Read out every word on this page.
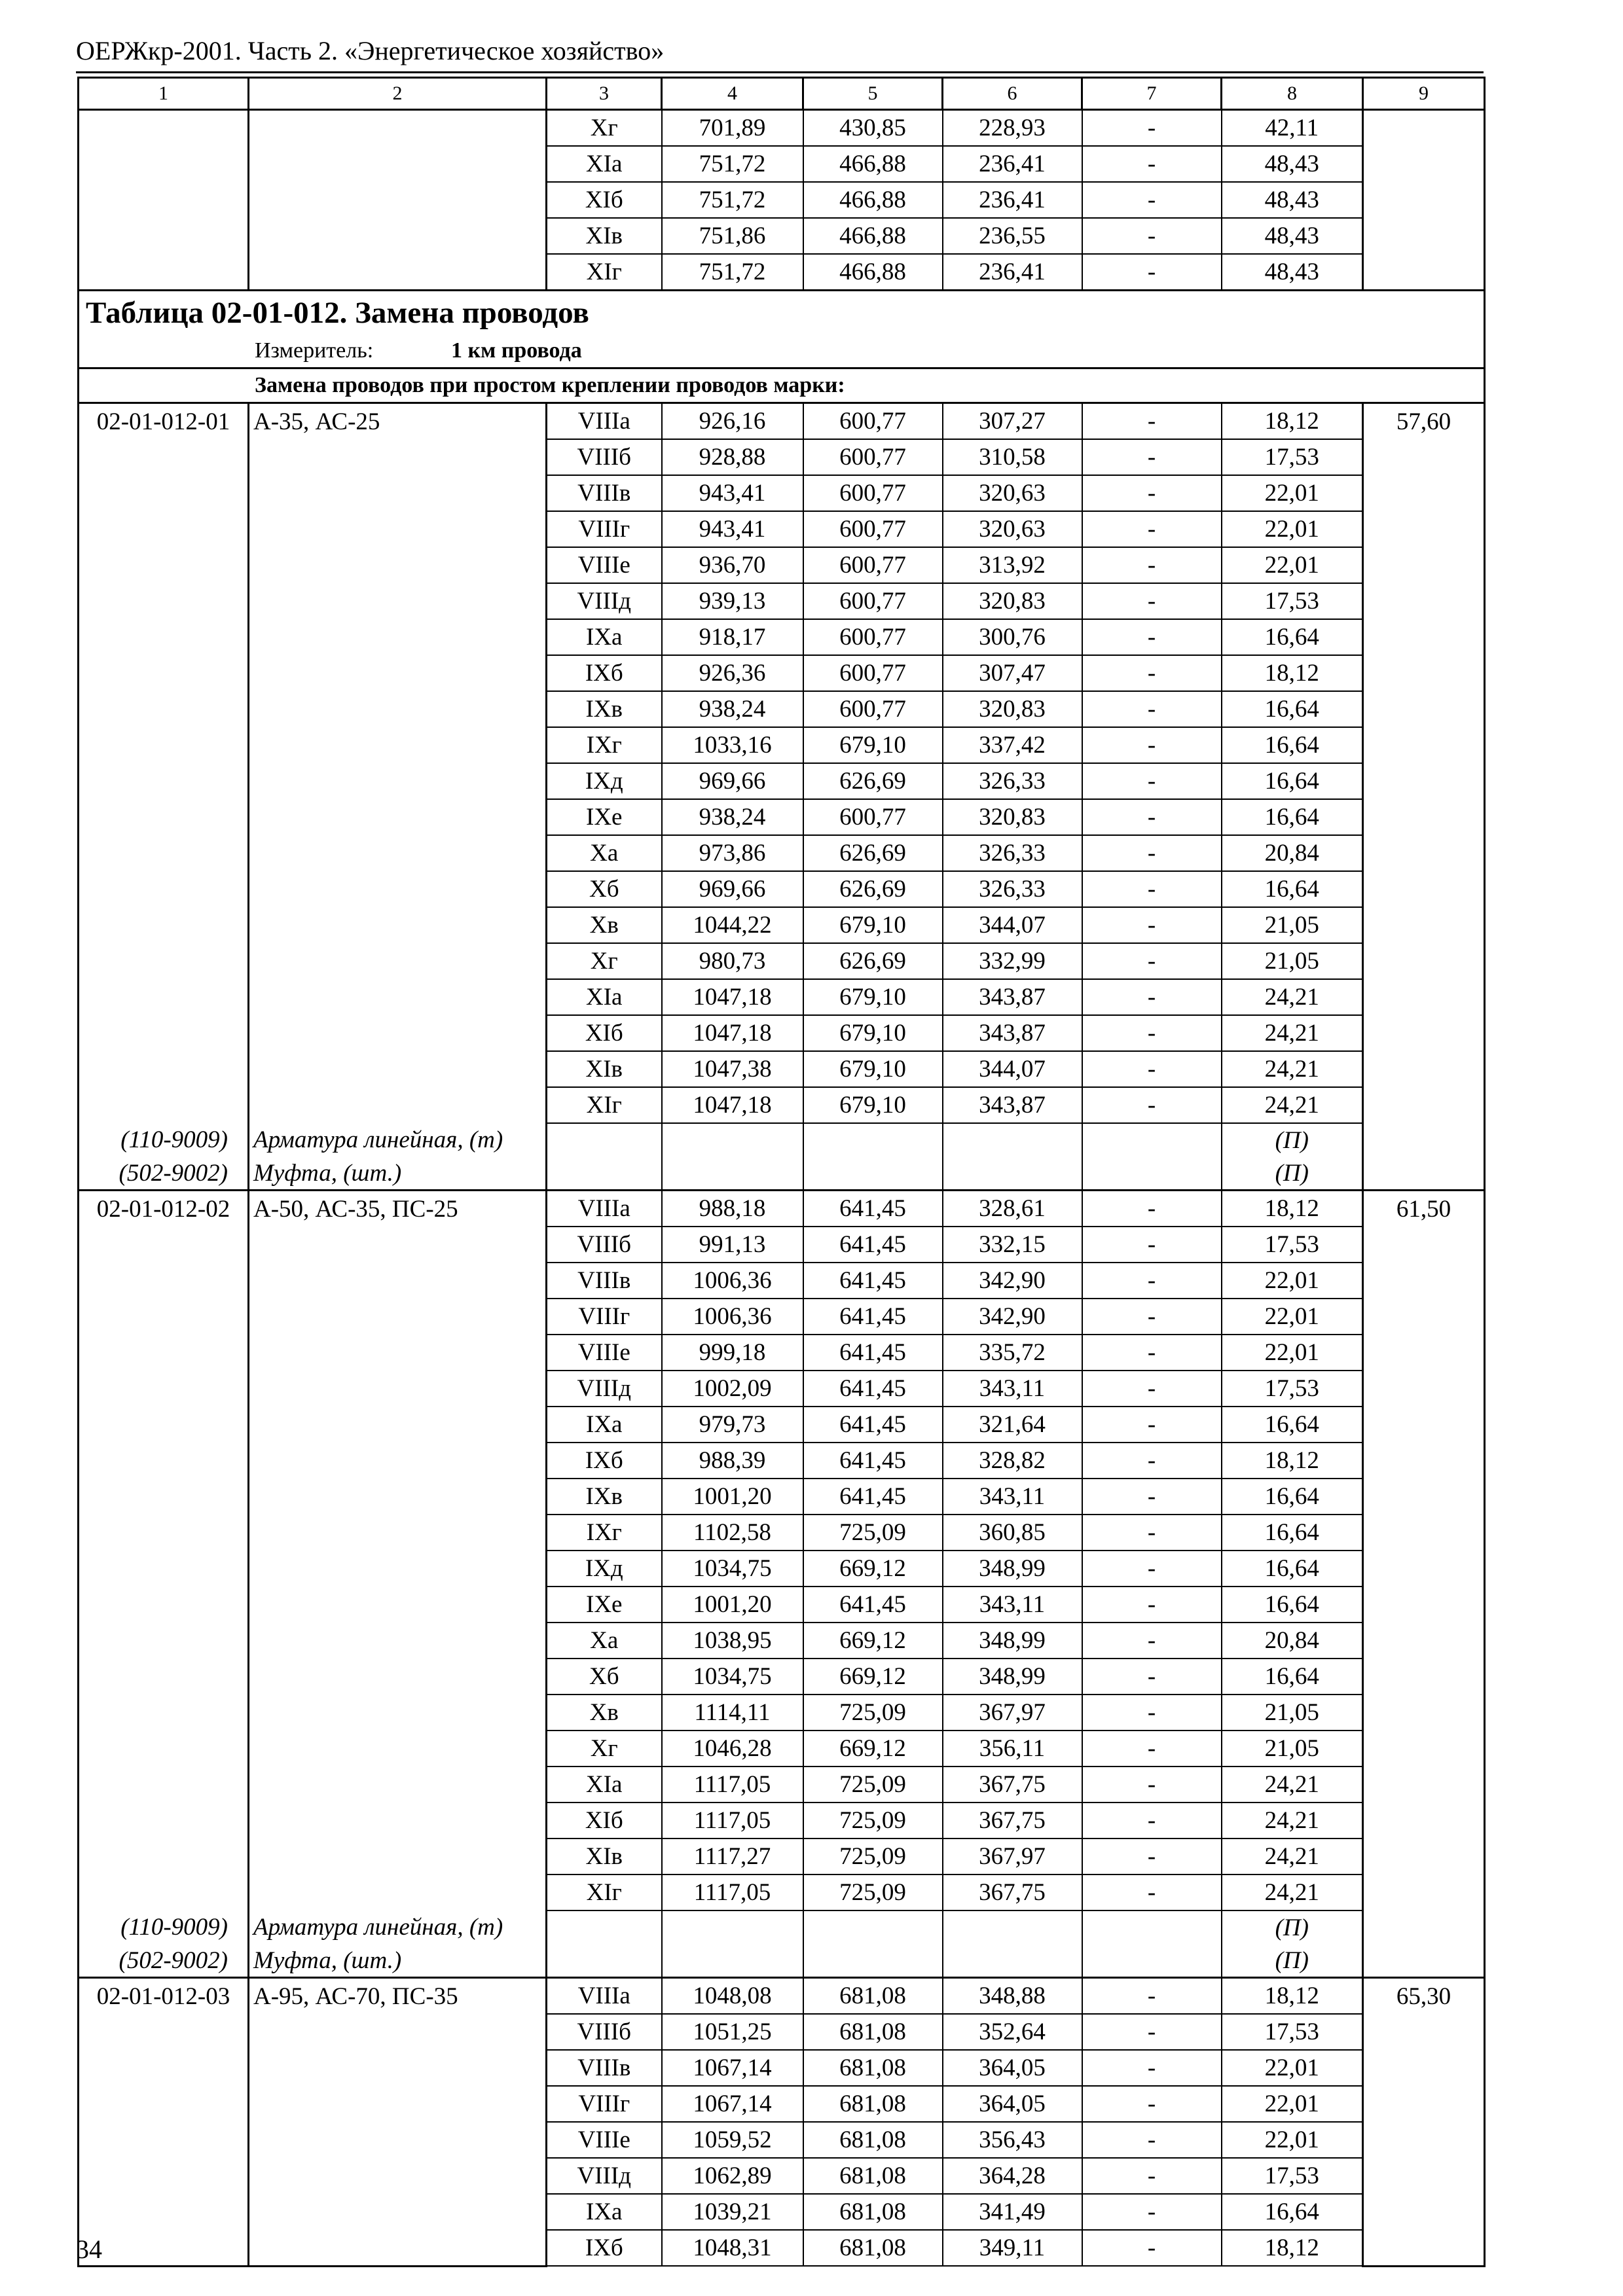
ОЕРЖкр-2001. Часть 2. «Энергетическое хозяйство»
1	2	3	4	5	6	7	8	9
		Xг	701,89	430,85	228,93	-	42,11	
		XIа	751,72	466,88	236,41	-	48,43	
		XIб	751,72	466,88	236,41	-	48,43	
		XIв	751,86	466,88	236,55	-	48,43	
		XIг	751,72	466,88	236,41	-	48,43	
Таблица 02-01-012. Замена проводов								
Измеритель: 1 км провода								
Замена проводов при простом креплении проводов марки:								
02-01-012-01	А-35, АС-25	VIIIа	926,16	600,77	307,27	-	18,12	57,60
		VIIIб	928,88	600,77	310,58	-	17,53	
		VIIIв	943,41	600,77	320,63	-	22,01	
		VIIIг	943,41	600,77	320,63	-	22,01	
		VIIIе	936,70	600,77	313,92	-	22,01	
		VIIIд	939,13	600,77	320,83	-	17,53	
		IXа	918,17	600,77	300,76	-	16,64	
		IXб	926,36	600,77	307,47	-	18,12	
		IXв	938,24	600,77	320,83	-	16,64	
		IXг	1033,16	679,10	337,42	-	16,64	
		IXд	969,66	626,69	326,33	-	16,64	
		IXе	938,24	600,77	320,83	-	16,64	
		Xа	973,86	626,69	326,33	-	20,84	
		Xб	969,66	626,69	326,33	-	16,64	
		Xв	1044,22	679,10	344,07	-	21,05	
		Xг	980,73	626,69	332,99	-	21,05	
		XIа	1047,18	679,10	343,87	-	24,21	
		XIб	1047,18	679,10	343,87	-	24,21	
		XIв	1047,38	679,10	344,07	-	24,21	
		XIг	1047,18	679,10	343,87	-	24,21	
(110-9009)	Арматура линейная, (т)						(П)	
(502-9002)	Муфта, (шт.)						(П)	
02-01-012-02	А-50, АС-35, ПС-25	VIIIа	988,18	641,45	328,61	-	18,12	61,50
		VIIIб	991,13	641,45	332,15	-	17,53	
		VIIIв	1006,36	641,45	342,90	-	22,01	
		VIIIг	1006,36	641,45	342,90	-	22,01	
		VIIIе	999,18	641,45	335,72	-	22,01	
		VIIIд	1002,09	641,45	343,11	-	17,53	
		IXа	979,73	641,45	321,64	-	16,64	
		IXб	988,39	641,45	328,82	-	18,12	
		IXв	1001,20	641,45	343,11	-	16,64	
		IXг	1102,58	725,09	360,85	-	16,64	
		IXд	1034,75	669,12	348,99	-	16,64	
		IXе	1001,20	641,45	343,11	-	16,64	
		Xа	1038,95	669,12	348,99	-	20,84	
		Xб	1034,75	669,12	348,99	-	16,64	
		Xв	1114,11	725,09	367,97	-	21,05	
		Xг	1046,28	669,12	356,11	-	21,05	
		XIа	1117,05	725,09	367,75	-	24,21	
		XIб	1117,05	725,09	367,75	-	24,21	
		XIв	1117,27	725,09	367,97	-	24,21	
		XIг	1117,05	725,09	367,75	-	24,21	
(110-9009)	Арматура линейная, (т)						(П)	
(502-9002)	Муфта, (шт.)						(П)	
02-01-012-03	А-95, АС-70, ПС-35	VIIIа	1048,08	681,08	348,88	-	18,12	65,30
		VIIIб	1051,25	681,08	352,64	-	17,53	
		VIIIв	1067,14	681,08	364,05	-	22,01	
		VIIIг	1067,14	681,08	364,05	-	22,01	
		VIIIе	1059,52	681,08	356,43	-	22,01	
		VIIIд	1062,89	681,08	364,28	-	17,53	
		IXа	1039,21	681,08	341,49	-	16,64	
		IXб	1048,31	681,08	349,11	-	18,12	
34
